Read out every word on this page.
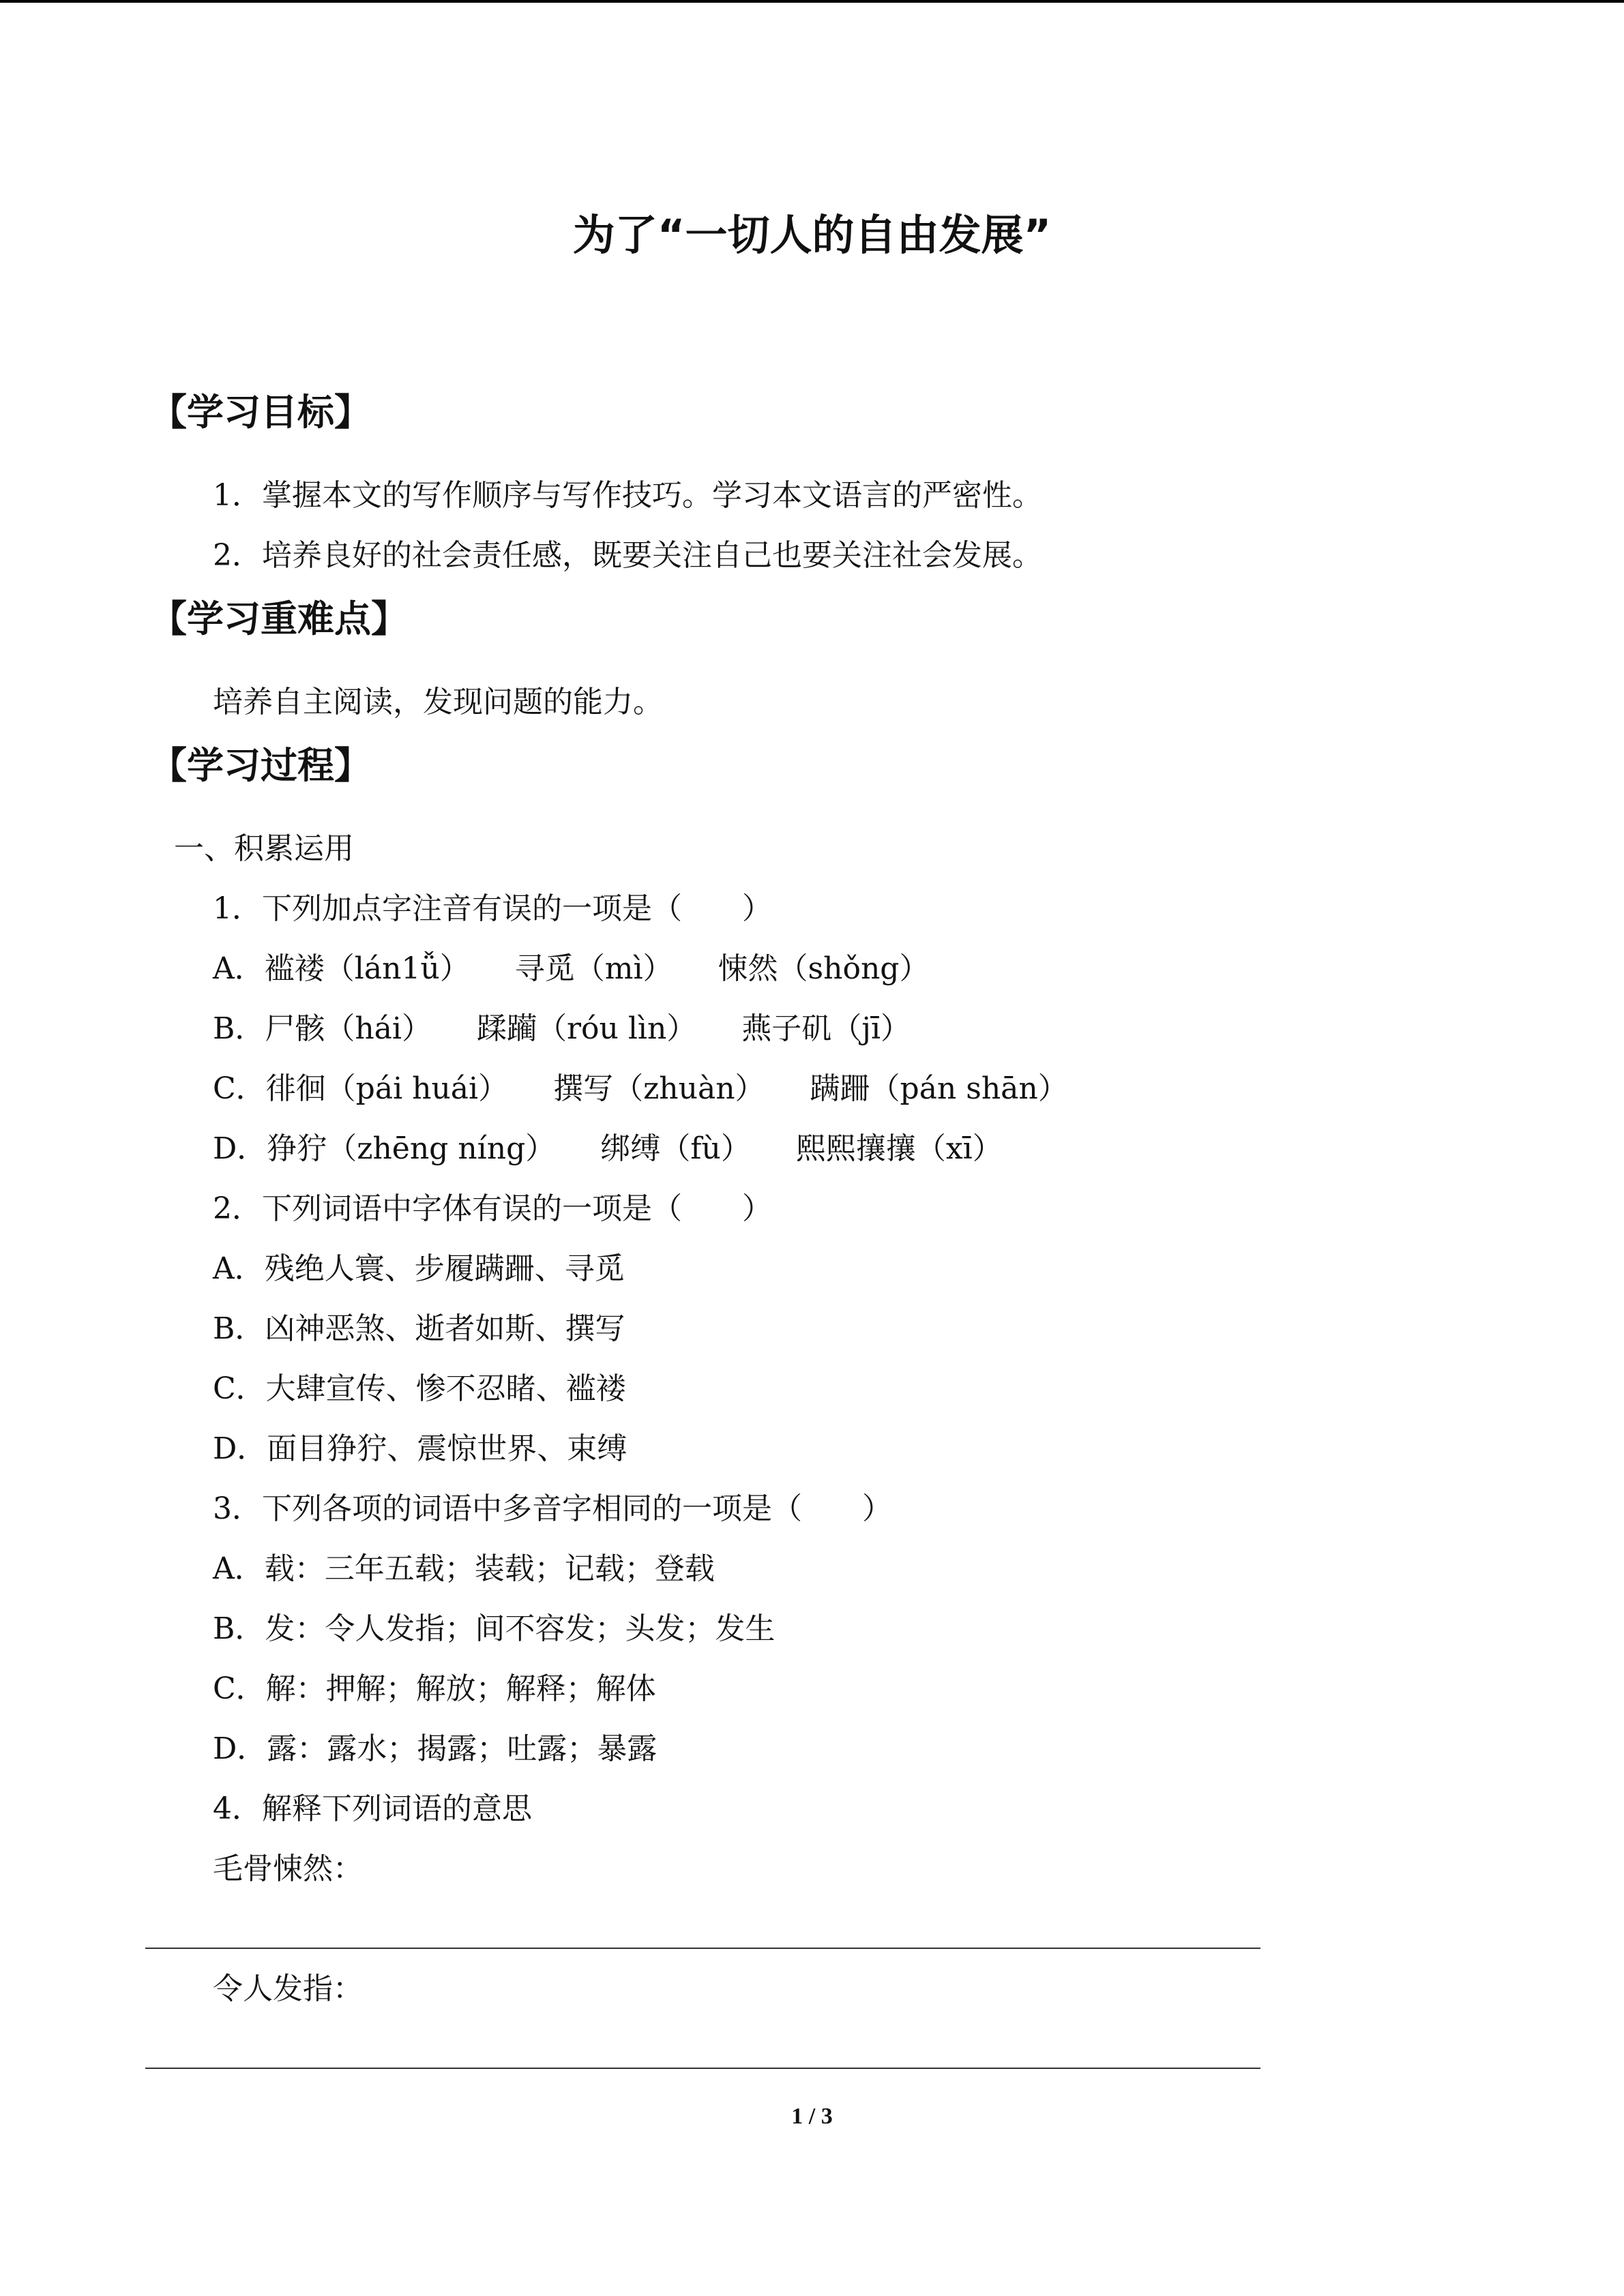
为了“一切人的自由发展”
【学习目标】
1．掌握本文的写作顺序与写作技巧。学习本文语言的严密性。
2．培养良好的社会责任感，既要关注自己也要关注社会发展。
【学习重难点】
培养自主阅读，发现问题的能力。
【学习过程】
一、积累运用
1．下列加点字注音有误的一项是（　　）
A．褴褛（lán1ǚ）　　寻觅（mì）　　悚然（shǒng）
B．尸骸（hái）　　蹂躏（róu lìn）　　燕子矶（jī）
C．徘徊（pái huái）　　撰写（zhuàn）　　蹒跚（pán shān）
D．狰狞（zhēng níng）　　绑缚（fù）　　熙熙攘攘（xī）
2．下列词语中字体有误的一项是（　　）
A．残绝人寰、步履蹒跚、寻觅
B．凶神恶煞、逝者如斯、撰写
C．大肆宣传、惨不忍睹、褴褛
D．面目狰狞、震惊世界、束缚
3．下列各项的词语中多音字相同的一项是（　　）
A．载：三年五载；装载；记载；登载
B．发：令人发指；间不容发；头发；发生
C．解：押解；解放；解释；解体
D．露：露水；揭露；吐露；暴露
4．解释下列词语的意思
毛骨悚然：
令人发指：
1 / 3
